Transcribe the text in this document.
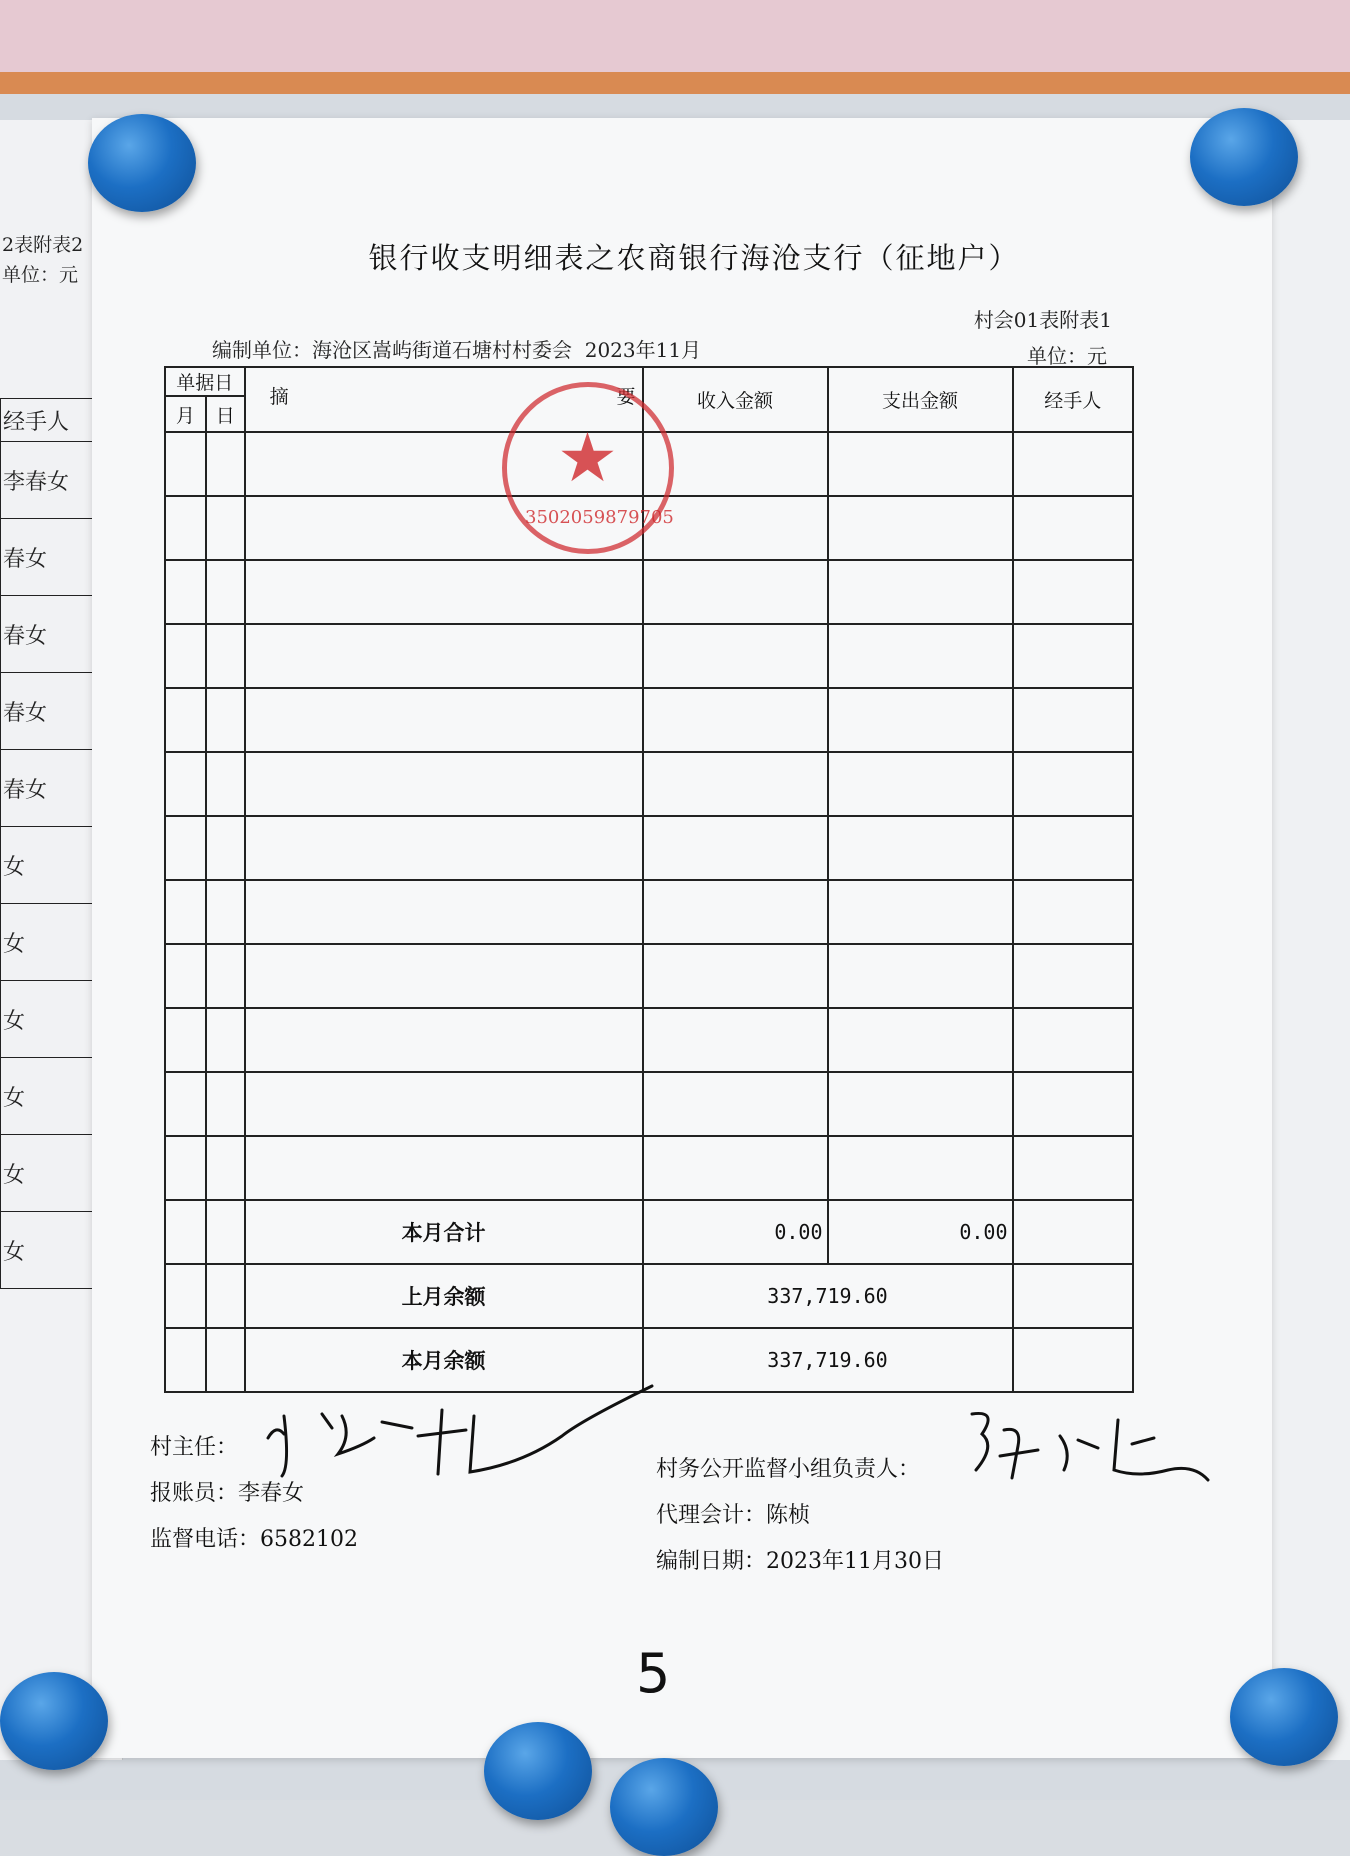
2表附表2
单位：元
经手人
李春女
春女
春女
春女
春女
女
女
女
女
女
女
银行收支明细表之农商银行海沧支行（征地户）
村会01表附表1
编制单位：海沧区嵩屿街道石塘村村委会 2023年11月	单位：元
单据日		摘 要	收入金额	支出金额	经手人
月	日				

		本月合计	0.00	0.00	
		上月余额	337,719.60		
		本月余额	337,719.60		
★
3502059879705
村主任：
报账员：李春女
监督电话：6582102
村务公开监督小组负责人：
代理会计：陈桢
编制日期：2023年11月30日
5
